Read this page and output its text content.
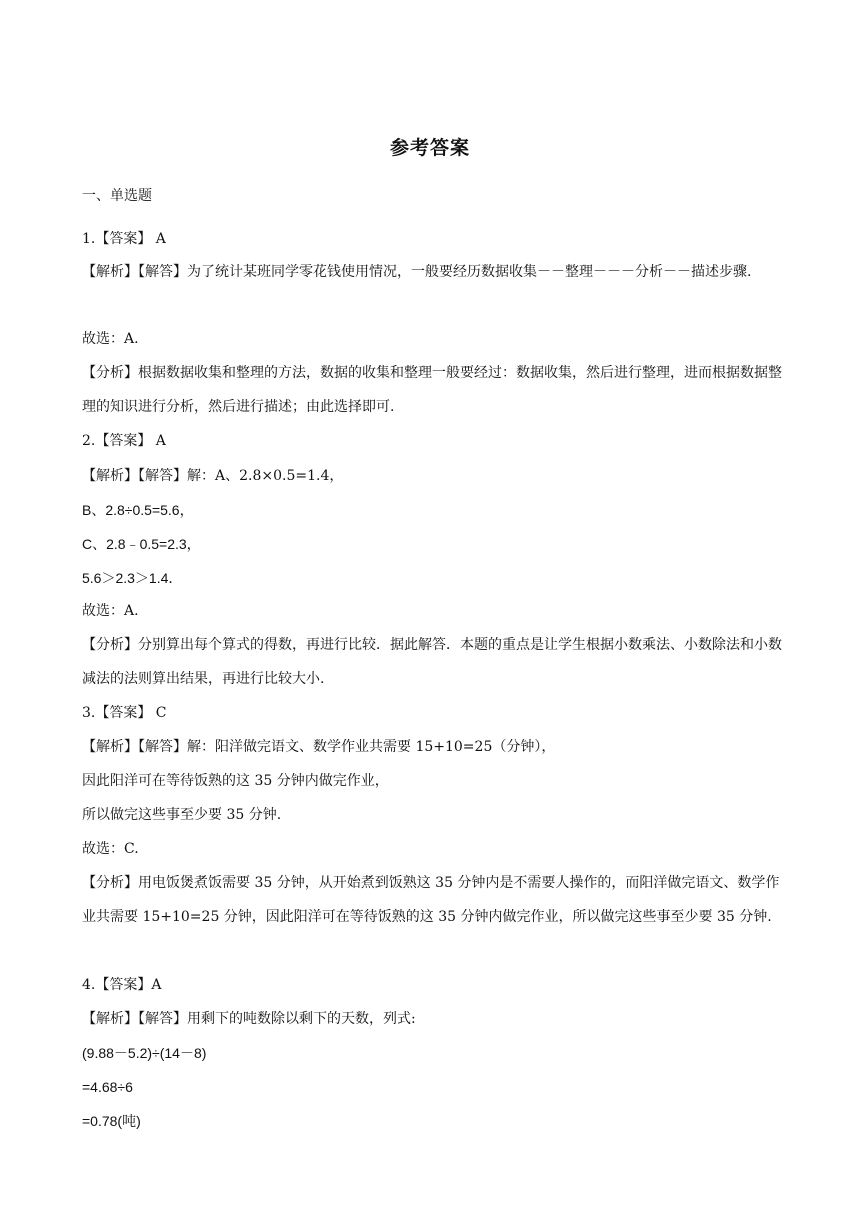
参考答案
一、单选题
1.【答案】 A
【解析】【解答】为了统计某班同学零花钱使用情况，一般要经历数据收集－－整理－－－分析－－描述步骤.
故选：A.
【分析】根据数据收集和整理的方法，数据的收集和整理一般要经过：数据收集，然后进行整理，进而根据数据整理的知识进行分析，然后进行描述；由此选择即可.
2.【答案】 A
【解析】【解答】解：A、2.8×0.5=1.4，
B、2.8÷0.5=5.6，
C、2.8﹣0.5=2.3，
5.6＞2.3＞1.4．
故选：A.
【分析】分别算出每个算式的得数，再进行比较．据此解答．本题的重点是让学生根据小数乘法、小数除法和小数减法的法则算出结果，再进行比较大小.
3.【答案】 C
【解析】【解答】解：阳洋做完语文、数学作业共需要 15+10=25（分钟），
因此阳洋可在等待饭熟的这 35 分钟内做完作业，
所以做完这些事至少要 35 分钟.
故选：C.
【分析】用电饭煲煮饭需要 35 分钟，从开始煮到饭熟这 35 分钟内是不需要人操作的，而阳洋做完语文、数学作业共需要 15+10=25 分钟，因此阳洋可在等待饭熟的这 35 分钟内做完作业，所以做完这些事至少要 35 分钟.
4.【答案】A
【解析】【解答】用剩下的吨数除以剩下的天数，列式:
(9.88－5.2)÷(14－8)
=4.68÷6
=0.78(吨)
